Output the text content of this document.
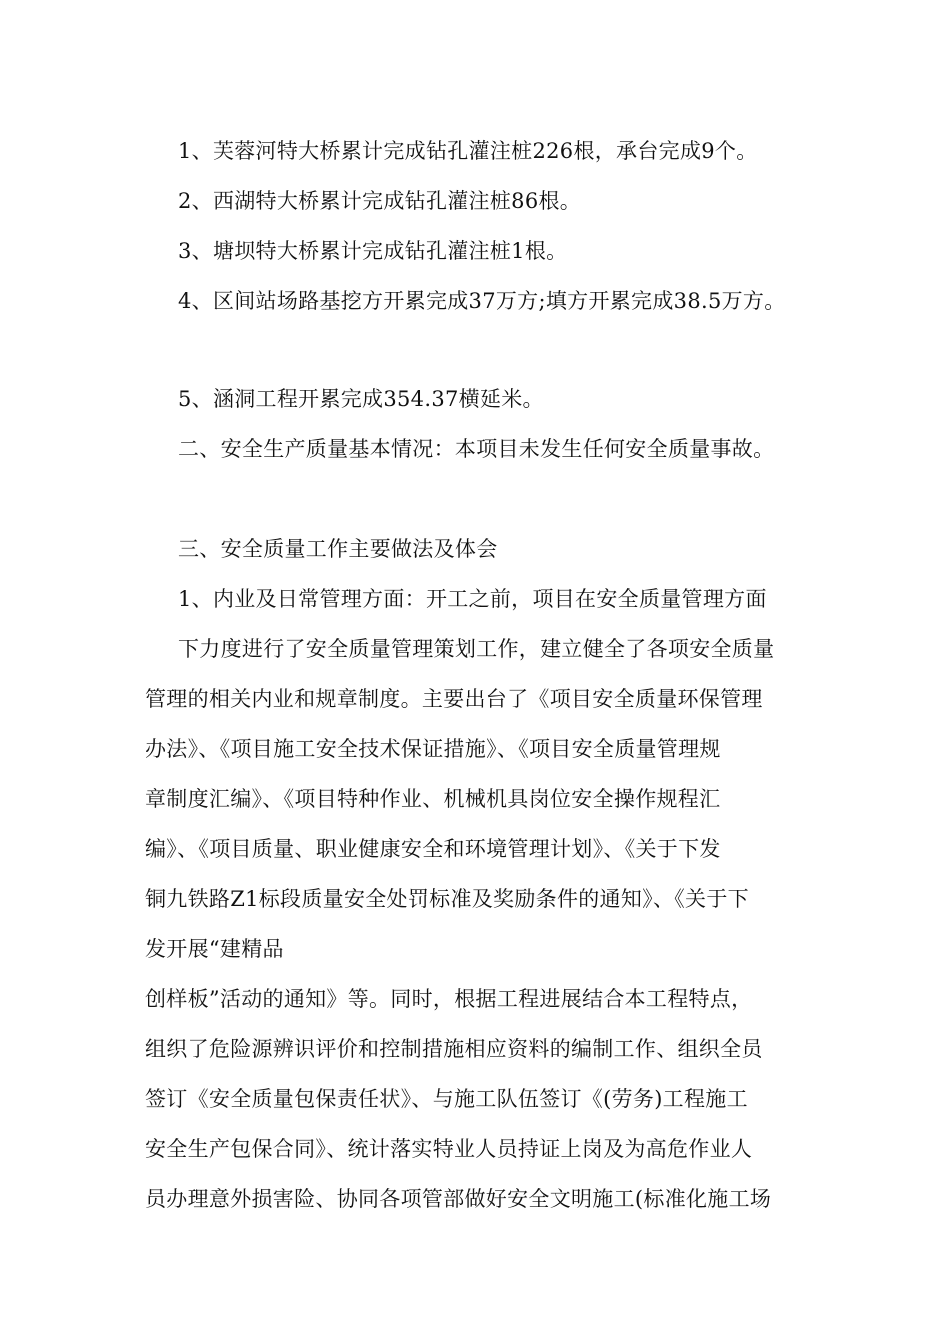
1、芙蓉河特大桥累计完成钻孔灌注桩226根，承台完成9个。
2、西湖特大桥累计完成钻孔灌注桩86根。
3、塘坝特大桥累计完成钻孔灌注桩1根。
4、区间站场路基挖方开累完成37万方;填方开累完成38.5万方。
5、涵洞工程开累完成354.37横延米。
二、安全生产质量基本情况：本项目未发生任何安全质量事故。
三、安全质量工作主要做法及体会
1、内业及日常管理方面：开工之前，项目在安全质量管理方面
下力度进行了安全质量管理策划工作，建立健全了各项安全质量
管理的相关内业和规章制度。主要出台了《项目安全质量环保管理
办法》、《项目施工安全技术保证措施》、《项目安全质量管理规
章制度汇编》、《项目特种作业、机械机具岗位安全操作规程汇
编》、《项目质量、职业健康安全和环境管理计划》、《关于下发
铜九铁路Z1标段质量安全处罚标准及奖励条件的通知》、《关于下
发开展“建精品
创样板”活动的通知》等。同时，根据工程进展结合本工程特点，
组织了危险源辨识评价和控制措施相应资料的编制工作、组织全员
签订《安全质量包保责任状》、与施工队伍签订《(劳务)工程施工
安全生产包保合同》、统计落实特业人员持证上岗及为高危作业人
员办理意外损害险、协同各项管部做好安全文明施工(标准化施工场
